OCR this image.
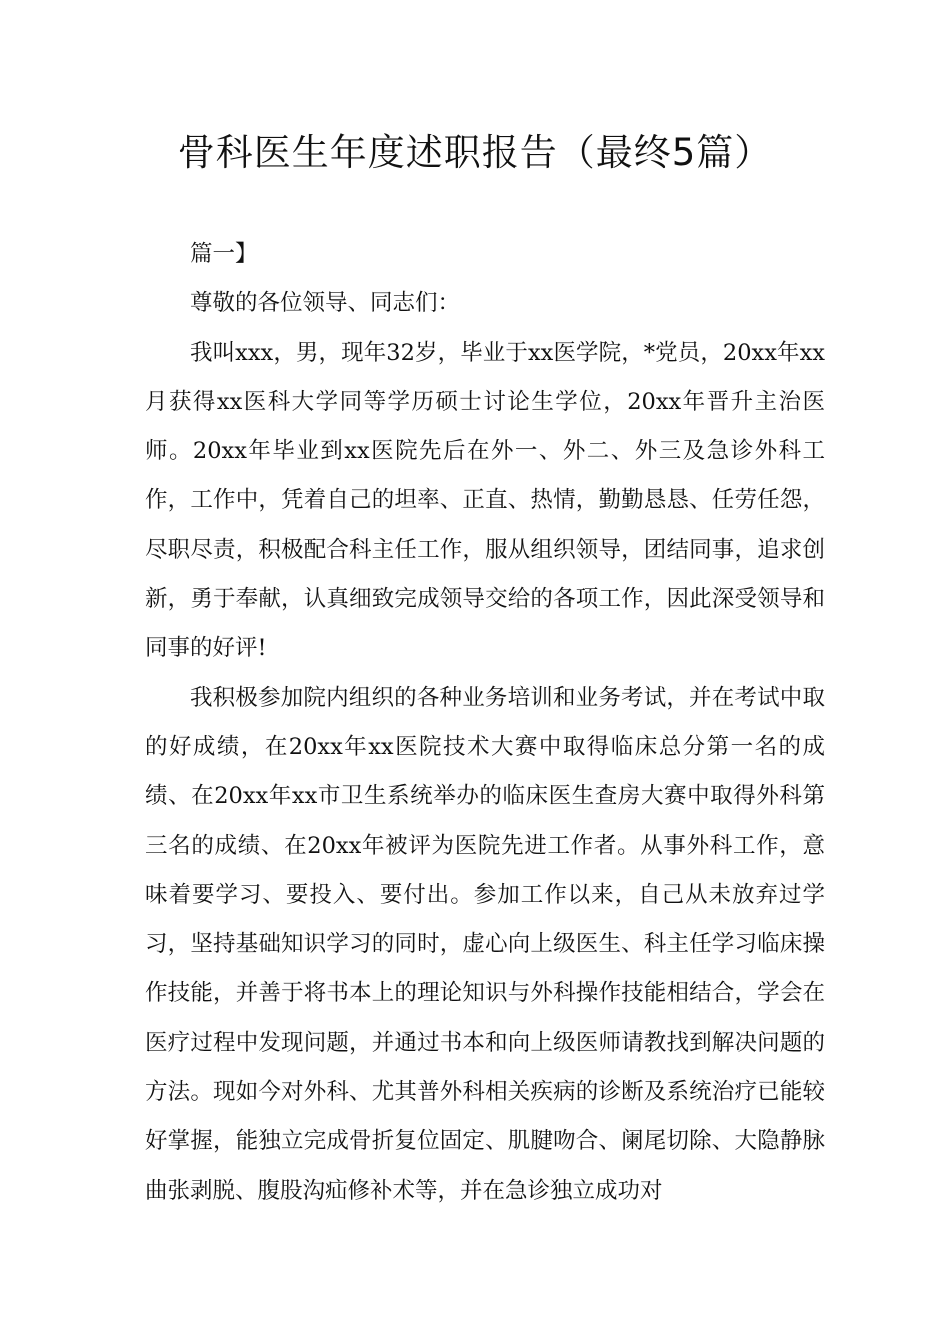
骨科医生年度述职报告（最终5篇）

篇一】

尊敬的各位领导、同志们：

我叫xxx，男，现年32岁，毕业于xx医学院，*党员，20xx年xx月获得xx医科大学同等学历硕士讨论生学位，20xx年晋升主治医师。20xx年毕业到xx医院先后在外一、外二、外三及急诊外科工作，工作中，凭着自己的坦率、正直、热情，勤勤恳恳、任劳任怨，尽职尽责，积极配合科主任工作，服从组织领导，团结同事，追求创新，勇于奉献，认真细致完成领导交给的各项工作，因此深受领导和同事的好评!

我积极参加院内组织的各种业务培训和业务考试，并在考试中取的好成绩，在20xx年xx医院技术大赛中取得临床总分第一名的成绩、在20xx年xx市卫生系统举办的临床医生查房大赛中取得外科第三名的成绩、在20xx年被评为医院先进工作者。从事外科工作，意味着要学习、要投入、要付出。参加工作以来，自己从未放弃过学习，坚持基础知识学习的同时，虚心向上级医生、科主任学习临床操作技能，并善于将书本上的理论知识与外科操作技能相结合，学会在医疗过程中发现问题，并通过书本和向上级医师请教找到解决问题的方法。现如今对外科、尤其普外科相关疾病的诊断及系统治疗已能较好掌握，能独立完成骨折复位固定、肌腱吻合、阑尾切除、大隐静脉曲张剥脱、腹股沟疝修补术等，并在急诊独立成功对
